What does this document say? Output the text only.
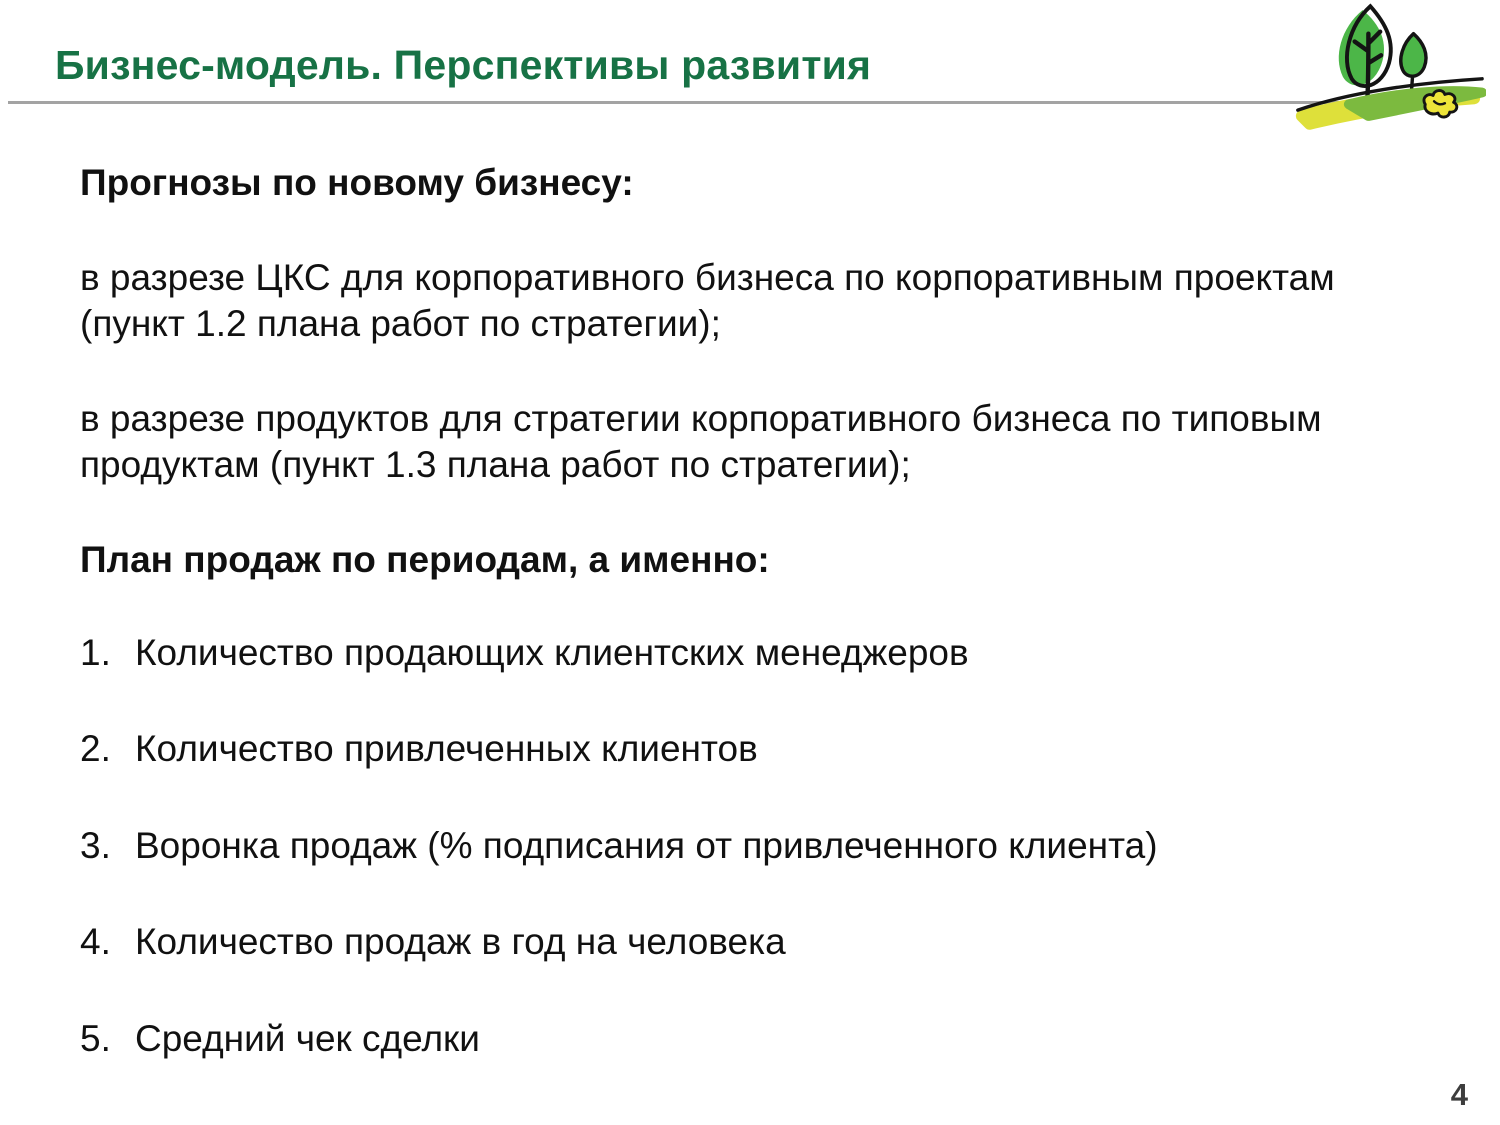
Бизнес-модель. Перспективы развития
Прогнозы по новому бизнесу:
в разрезе ЦКС для корпоративного бизнеса по корпоративным проектам (пункт 1.2 плана работ по стратегии);
в разрезе продуктов для стратегии корпоративного бизнеса по типовым продуктам (пункт 1.3 плана работ по стратегии);
План продаж по периодам, а именно:
1. Количество продающих клиентских менеджеров
2. Количество привлеченных клиентов
3. Воронка продаж (% подписания от привлеченного клиента)
4. Количество продаж в год на человека
5. Средний чек сделки
4
